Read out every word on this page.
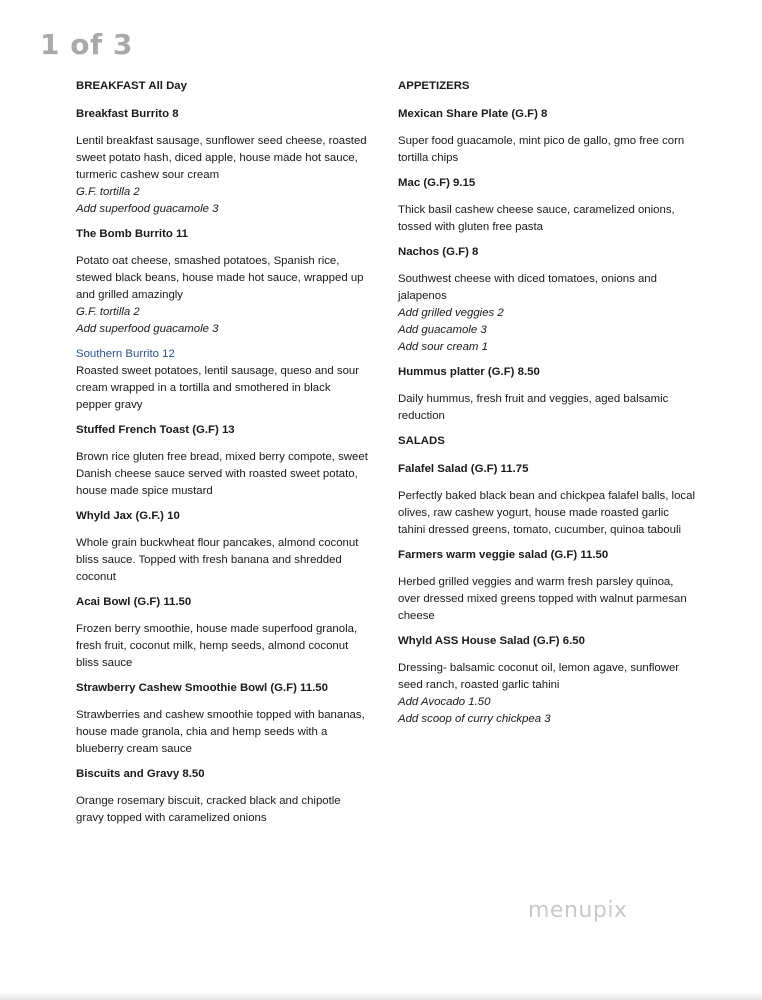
1 of 3
BREAKFAST All Day
Breakfast Burrito 8
Lentil breakfast sausage, sunflower seed cheese, roasted sweet potato hash, diced apple, house made hot sauce, turmeric cashew sour cream
G.F. tortilla 2
Add superfood guacamole 3
The Bomb Burrito 11
Potato oat cheese, smashed potatoes, Spanish rice, stewed black beans, house made hot sauce, wrapped up and grilled amazingly
G.F. tortilla 2
Add superfood guacamole 3
Southern Burrito 12
Roasted sweet potatoes, lentil sausage, queso and sour cream wrapped in a tortilla and smothered in black pepper gravy
Stuffed French Toast (G.F) 13
Brown rice gluten free bread, mixed berry compote, sweet Danish cheese sauce served with roasted sweet potato, house made spice mustard
Whyld Jax (G.F.) 10
Whole grain buckwheat flour pancakes, almond coconut bliss sauce. Topped with fresh banana and shredded coconut
Acai Bowl (G.F) 11.50
Frozen berry smoothie, house made superfood granola, fresh fruit, coconut milk, hemp seeds, almond coconut bliss sauce
Strawberry Cashew Smoothie Bowl (G.F) 11.50
Strawberries and cashew smoothie topped with bananas, house made granola, chia and hemp seeds with a blueberry cream sauce
Biscuits and Gravy 8.50
Orange rosemary biscuit, cracked black and chipotle gravy topped with caramelized onions
APPETIZERS
Mexican Share Plate (G.F) 8
Super food guacamole, mint pico de gallo, gmo free corn tortilla chips
Mac (G.F) 9.15
Thick basil cashew cheese sauce, caramelized onions, tossed with gluten free pasta
Nachos (G.F) 8
Southwest cheese with diced tomatoes, onions and jalapenos
Add grilled veggies 2
Add guacamole 3
Add sour cream 1
Hummus platter (G.F) 8.50
Daily hummus, fresh fruit and veggies, aged balsamic reduction
SALADS
Falafel Salad (G.F) 11.75
Perfectly baked black bean and chickpea falafel balls, local olives, raw cashew yogurt, house made roasted garlic tahini dressed greens, tomato, cucumber, quinoa tabouli
Farmers warm veggie salad (G.F) 11.50
Herbed grilled veggies and warm fresh parsley quinoa, over dressed mixed greens topped with walnut parmesan cheese
Whyld ASS House Salad (G.F) 6.50
Dressing- balsamic coconut oil, lemon agave, sunflower seed ranch, roasted garlic tahini
Add Avocado 1.50
Add scoop of curry chickpea 3
menupix
